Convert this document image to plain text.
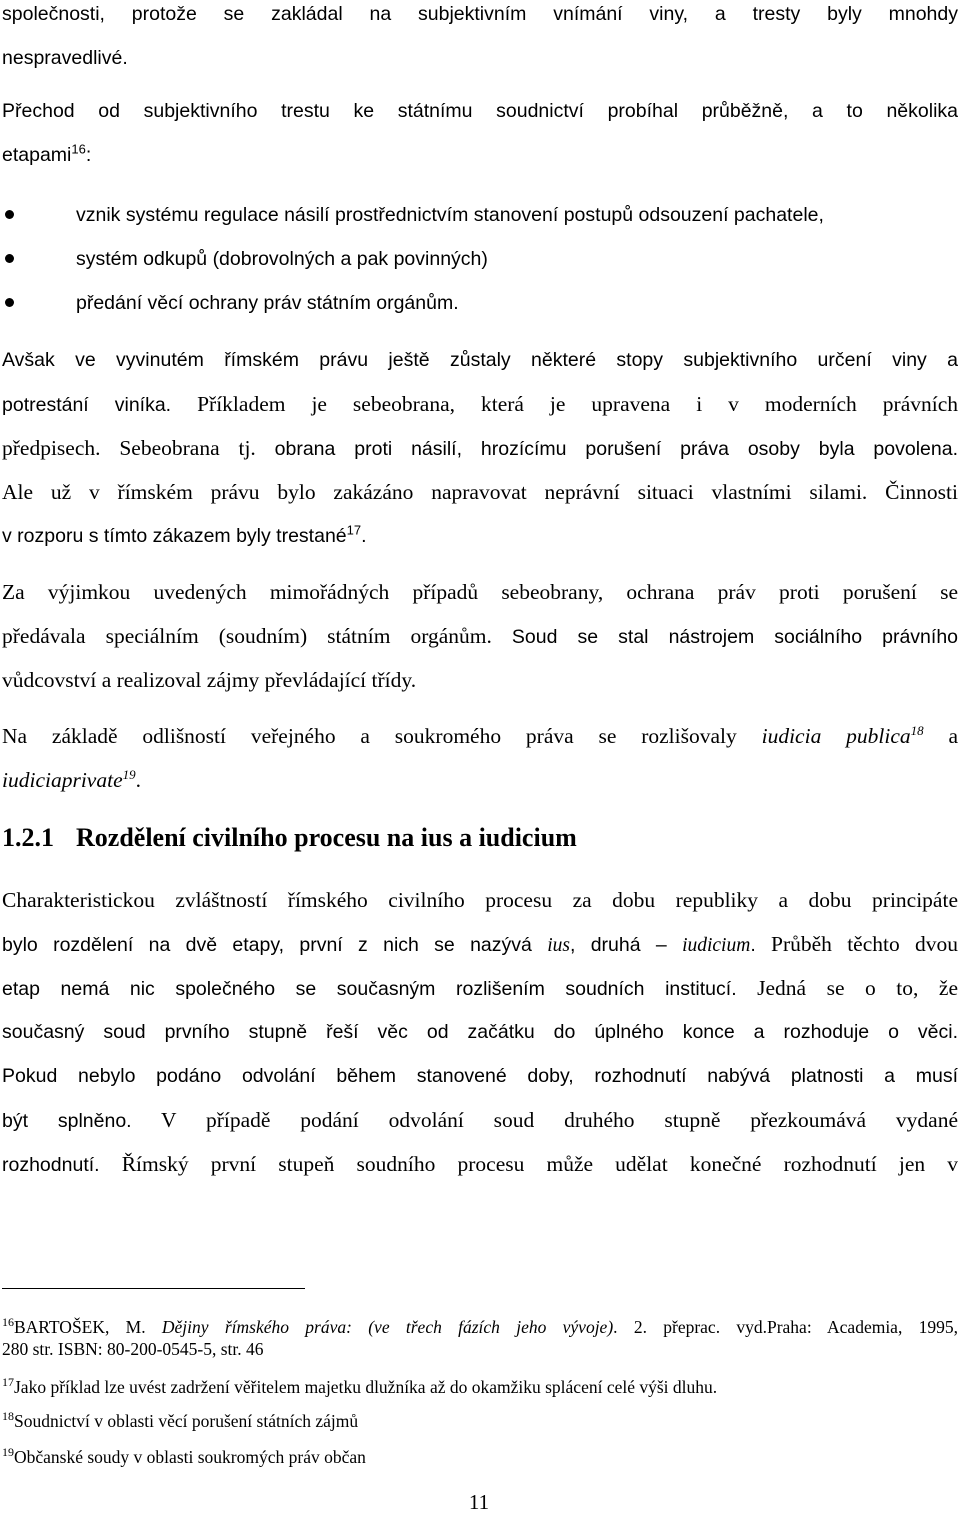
společnosti, protože se zakládal na subjektivním vnímání viny, a tresty byly mnohdy
nespravedlivé.
Přechod od subjektivního trestu ke státnímu soudnictví probíhal průběžně, a to několika
etapami$^{16}$:
vznik systému regulace násilí prostřednictvím stanovení postupů odsouzení pachatele,
systém odkupů (dobrovolných a pak povinných)
předání věcí ochrany práv státním orgánům.
Avšak ve vyvinutém římském právu ještě zůstaly některé stopy subjektivního určení viny a
potrestání viníka. Příkladem je sebeobrana, která je upravena i v moderních právních
předpisech. Sebeobrana tj. obrana proti násilí, hrozícímu porušení práva osoby byla povolena.
Ale už v římském právu bylo zakázáno napravovat neprávní situaci vlastními silami. Činnosti
v rozporu s tímto zákazem byly trestané$^{17}$.
Za výjimkou uvedených mimořádných případů sebeobrany, ochrana práv proti porušení se
předávala speciálním (soudním) státním orgánům. Soud se stal nástrojem sociálního právního
vůdcovství a realizoval zájmy převládající třídy.
Na základě odlišností veřejného a soukromého práva se rozlišovaly iudicia publica$^{18}$ a
iudiciaprivate$^{19}$.
1.2.1 Rozdělení civilního procesu na ius a iudicium
Charakteristickou zvláštností římského civilního procesu za dobu republiky a dobu principáte
bylo rozdělení na dvě etapy, první z nich se nazývá ius, druhá – iudicium. Průběh těchto dvou
etap nemá nic společného se současným rozlišením soudních institucí. Jedná se o to, že
současný soud prvního stupně řeší věc od začátku do úplného konce a rozhoduje o věci.
Pokud nebylo podáno odvolání během stanovené doby, rozhodnutí nabývá platnosti a musí
být splněno. V případě podání odvolání soud druhého stupně přezkoumává vydané
rozhodnutí. Římský první stupeň soudního procesu může udělat konečné rozhodnutí jen v
$^{16}$BARTOŠEK, M. Dějiny římského práva: (ve třech fázích jeho vývoje). 2. přeprac. vyd.Praha: Academia, 1995,
280 str. ISBN: 80-200-0545-5, str. 46
$^{17}$Jako příklad lze uvést zadržení věřitelem majetku dlužníka až do okamžiku splácení celé výši dluhu.
$^{18}$Soudnictví v oblasti věcí porušení státních zájmů
$^{19}$Občanské soudy v oblasti soukromých práv občan
11
